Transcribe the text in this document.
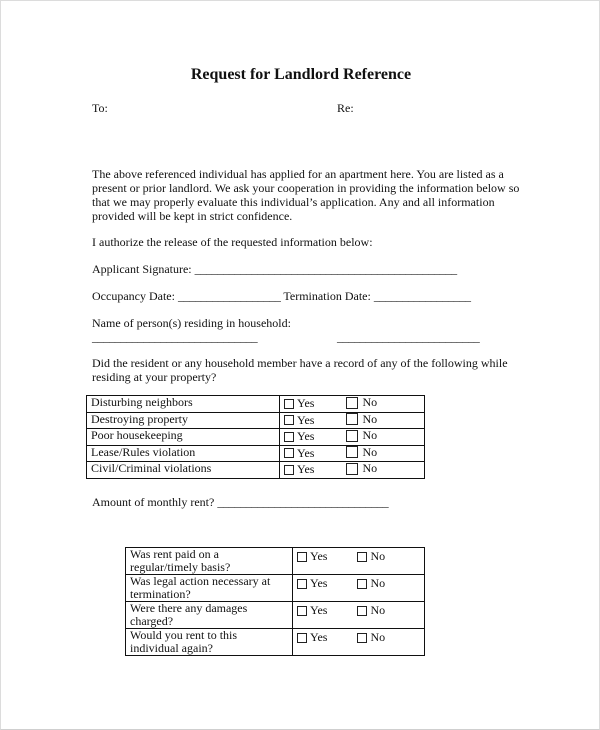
Request for Landlord Reference
To:	Re:
The above referenced individual has applied for an apartment here. You are listed as a
present or prior landlord. We ask your cooperation in providing the information below so
that we may properly evaluate this individual’s application. Any and all information
provided will be kept in strict confidence.
I authorize the release of the requested information below:
Applicant Signature: ______________________________________________
Occupancy Date: __________________ Termination Date: _________________
Name of person(s) residing in household:
_____________________________	_________________________
Did the resident or any household member have a record of any of the following while
residing at your property?
Disturbing neighbors	Yes No

Destroying property	Yes No

Poor housekeeping	Yes No

Lease/Rules violation	Yes No

Civil/Criminal violations	Yes No
Amount of monthly rent? ______________________________
Was rent paid on a regular/timely basis?	Yes No

Was legal action necessary at termination?	Yes No

Were there any damages charged?	Yes No

Would you rent to this individual again?	Yes No
